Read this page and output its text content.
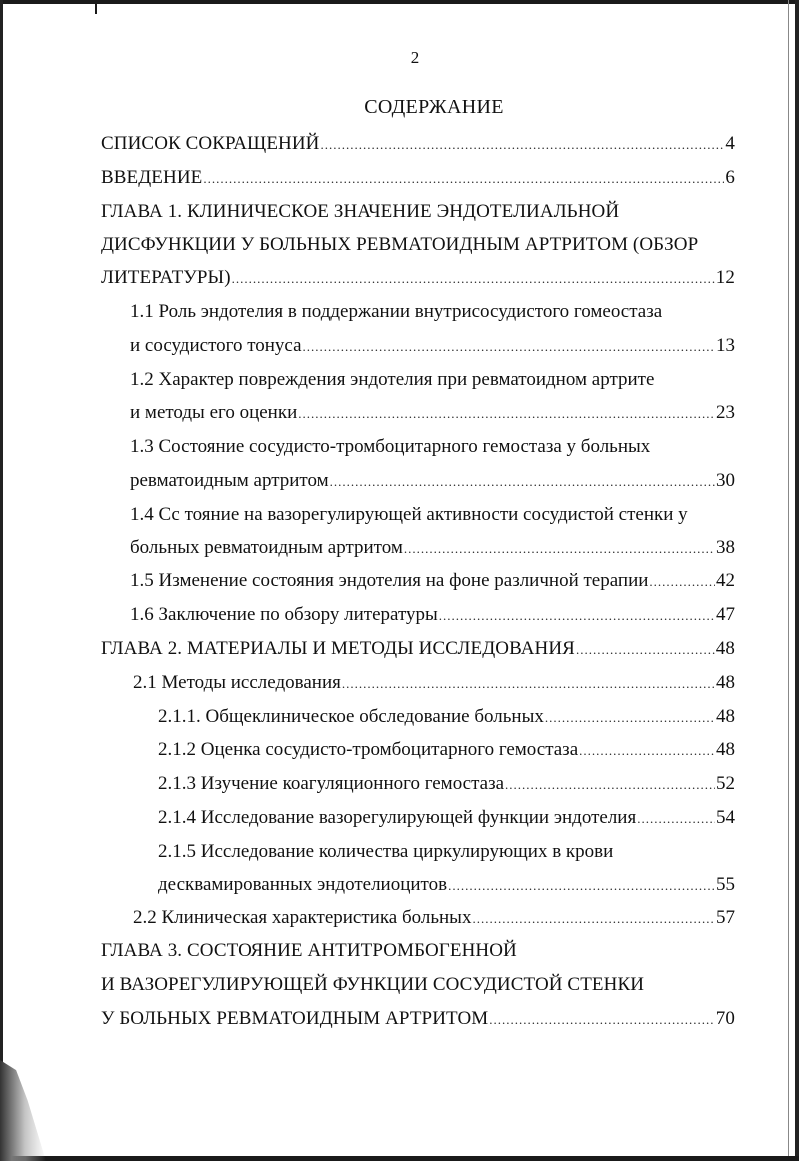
2
СОДЕРЖАНИЕ
СПИСОК СОКРАЩЕНИЙ .....	4
ВВЕДЕНИЕ .....	6
ГЛАВА 1. КЛИНИЧЕСКОЕ ЗНАЧЕНИЕ ЭНДОТЕЛИАЛЬНОЙ
ДИСФУНКЦИИ У БОЛЬНЫХ РЕВМАТОИДНЫМ АРТРИТОМ (ОБЗОР
ЛИТЕРАТУРЫ) .....	12
1.1 Роль эндотелия в поддержании внутрисосудистого гомеостаза
и сосудистого тонуса .....	13
1.2 Характер повреждения эндотелия при ревматоидном артрите
и методы его оценки .....	23
1.3 Состояние сосудисто-тромбоцитарного гемостаза у больных
ревматоидным артритом .....	30
1.4 Сс тояние на вазорегулирующей активности сосудистой стенки у
больных ревматоидным артритом .....	38
1.5 Изменение состояния эндотелия на фоне различной терапии .....	42
1.6 Заключение по обзору литературы .....	47
ГЛАВА 2. МАТЕРИАЛЫ И МЕТОДЫ ИССЛЕДОВАНИЯ .....	48
2.1 Методы исследования .....	48
2.1.1. Общеклиническое обследование больных .....	48
2.1.2 Оценка сосудисто-тромбоцитарного гемостаза .....	48
2.1.3 Изучение коагуляционного гемостаза .....	52
2.1.4 Исследование вазорегулирующей функции эндотелия .....	54
2.1.5 Исследование количества циркулирующих в крови
десквамированных эндотелиоцитов .....	55
2.2 Клиническая характеристика больных .....	57
ГЛАВА 3. СОСТОЯНИЕ АНТИТРОМБОГЕННОЙ
И ВАЗОРЕГУЛИРУЮЩЕЙ ФУНКЦИИ СОСУДИСТОЙ СТЕНКИ
У БОЛЬНЫХ РЕВМАТОИДНЫМ АРТРИТОМ .....	70
